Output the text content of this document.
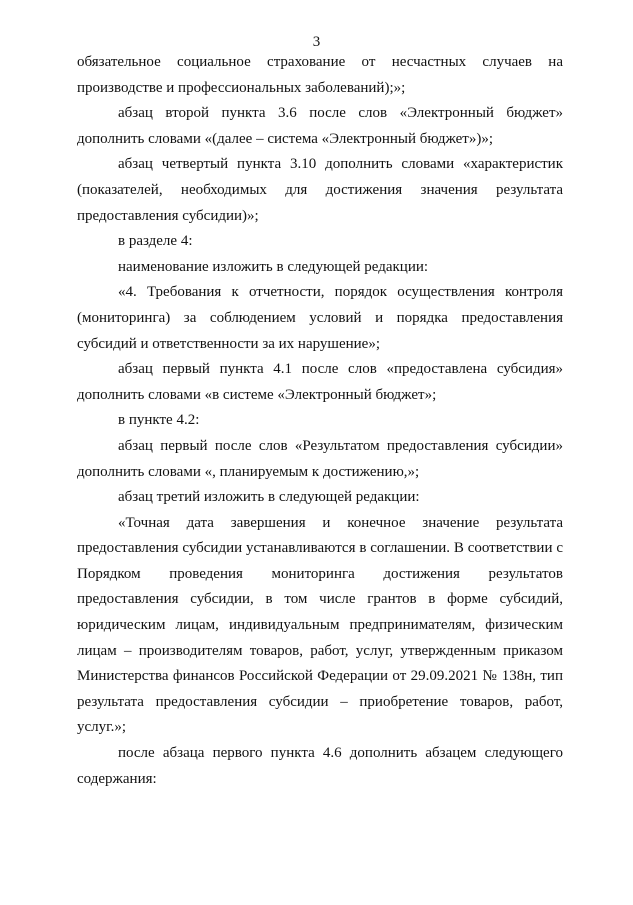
3

обязательное социальное страхование от несчастных случаев на производстве и профессиональных заболеваний);»;

абзац второй пункта 3.6 после слов «Электронный бюджет» дополнить словами «(далее – система «Электронный бюджет»)»;

абзац четвертый пункта 3.10 дополнить словами «характеристик (показателей, необходимых для достижения значения результата предоставления субсидии)»;

в разделе 4:

наименование изложить в следующей редакции:

«4. Требования к отчетности, порядок осуществления контроля (мониторинга) за соблюдением условий и порядка предоставления субсидий и ответственности за их нарушение»;

абзац первый пункта 4.1 после слов «предоставлена субсидия» дополнить словами «в системе «Электронный бюджет»;

в пункте 4.2:

абзац первый после слов «Результатом предоставления субсидии» дополнить словами «, планируемым к достижению,»;

абзац третий изложить в следующей редакции:

«Точная дата завершения и конечное значение результата предоставления субсидии устанавливаются в соглашении. В соответствии с Порядком проведения мониторинга достижения результатов предоставления субсидии, в том числе грантов в форме субсидий, юридическим лицам, индивидуальным предпринимателям, физическим лицам – производителям товаров, работ, услуг, утвержденным приказом Министерства финансов Российской Федерации от 29.09.2021 № 138н, тип результата предоставления субсидии – приобретение товаров, работ, услуг.»;

после абзаца первого пункта 4.6 дополнить абзацем следующего содержания:
